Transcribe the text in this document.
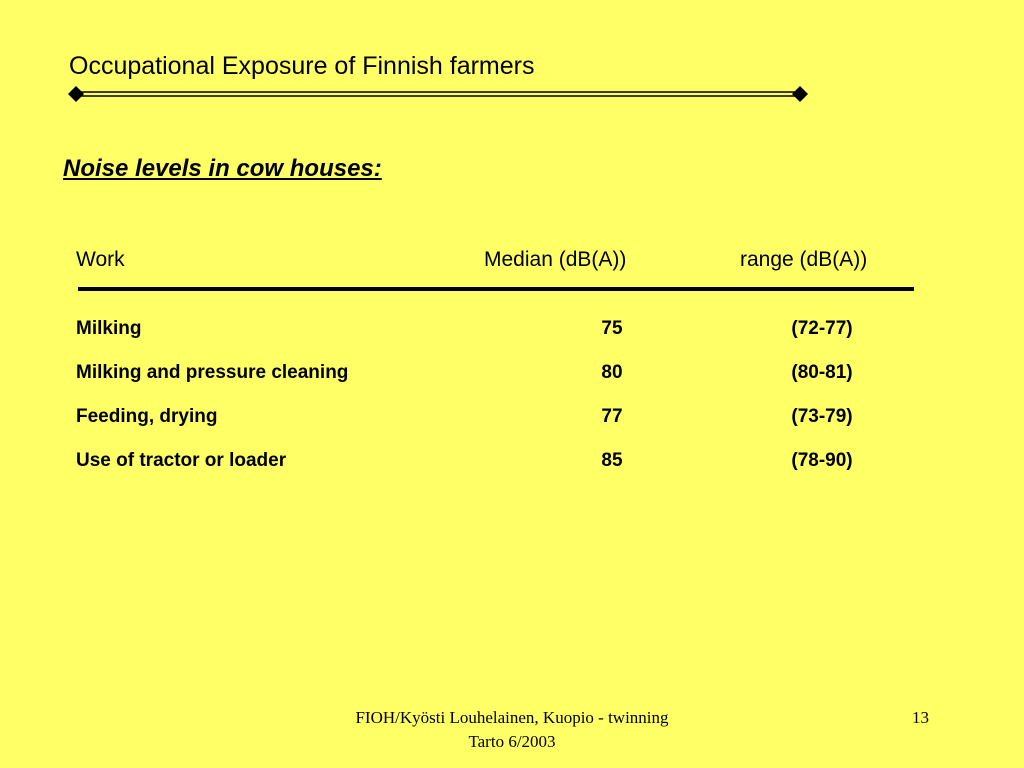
Occupational Exposure of Finnish farmers
Noise levels in cow houses:
Work	Median (dB(A))	range (dB(A))
Milking	75	(72-77)
Milking and pressure cleaning	80	(80-81)
Feeding, drying	77	(73-79)
Use of tractor or loader	85	(78-90)
FIOH/Kyösti Louhelainen, Kuopio - twinning Tarto 6/2003
13
